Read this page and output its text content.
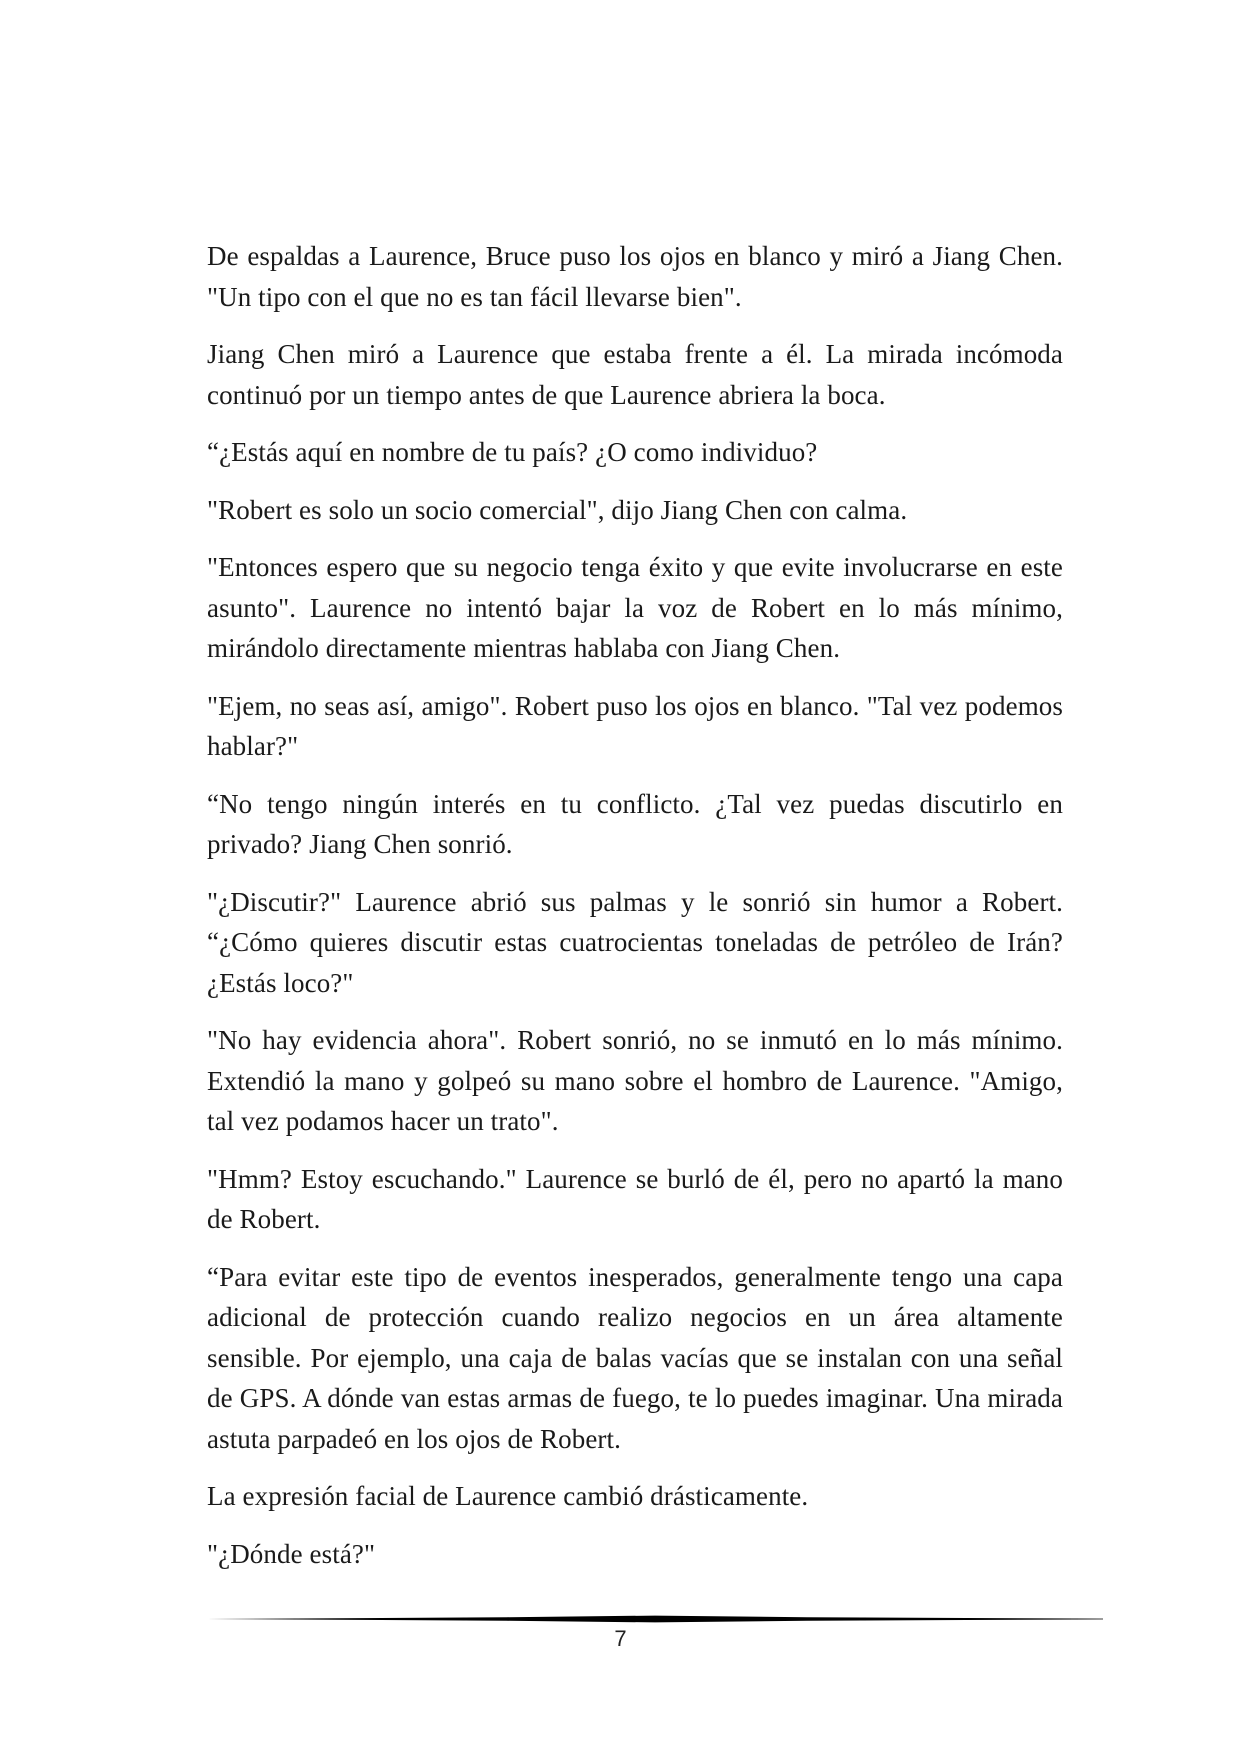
De espaldas a Laurence, Bruce puso los ojos en blanco y miró a Jiang Chen. "Un tipo con el que no es tan fácil llevarse bien".

Jiang Chen miró a Laurence que estaba frente a él. La mirada incómoda continuó por un tiempo antes de que Laurence abriera la boca.

“¿Estás aquí en nombre de tu país? ¿O como individuo?

"Robert es solo un socio comercial", dijo Jiang Chen con calma.

"Entonces espero que su negocio tenga éxito y que evite involucrarse en este asunto". Laurence no intentó bajar la voz de Robert en lo más mínimo, mirándolo directamente mientras hablaba con Jiang Chen.

"Ejem, no seas así, amigo". Robert puso los ojos en blanco. "Tal vez podemos hablar?"

“No tengo ningún interés en tu conflicto. ¿Tal vez puedas discutirlo en privado? Jiang Chen sonrió.

"¿Discutir?" Laurence abrió sus palmas y le sonrió sin humor a Robert. “¿Cómo quieres discutir estas cuatrocientas toneladas de petróleo de Irán? ¿Estás loco?"

"No hay evidencia ahora". Robert sonrió, no se inmutó en lo más mínimo. Extendió la mano y golpeó su mano sobre el hombro de Laurence. "Amigo, tal vez podamos hacer un trato".

"Hmm? Estoy escuchando." Laurence se burló de él, pero no apartó la mano de Robert.

“Para evitar este tipo de eventos inesperados, generalmente tengo una capa adicional de protección cuando realizo negocios en un área altamente sensible. Por ejemplo, una caja de balas vacías que se instalan con una señal de GPS. A dónde van estas armas de fuego, te lo puedes imaginar. Una mirada astuta parpadeó en los ojos de Robert.

La expresión facial de Laurence cambió drásticamente.

"¿Dónde está?"

7
